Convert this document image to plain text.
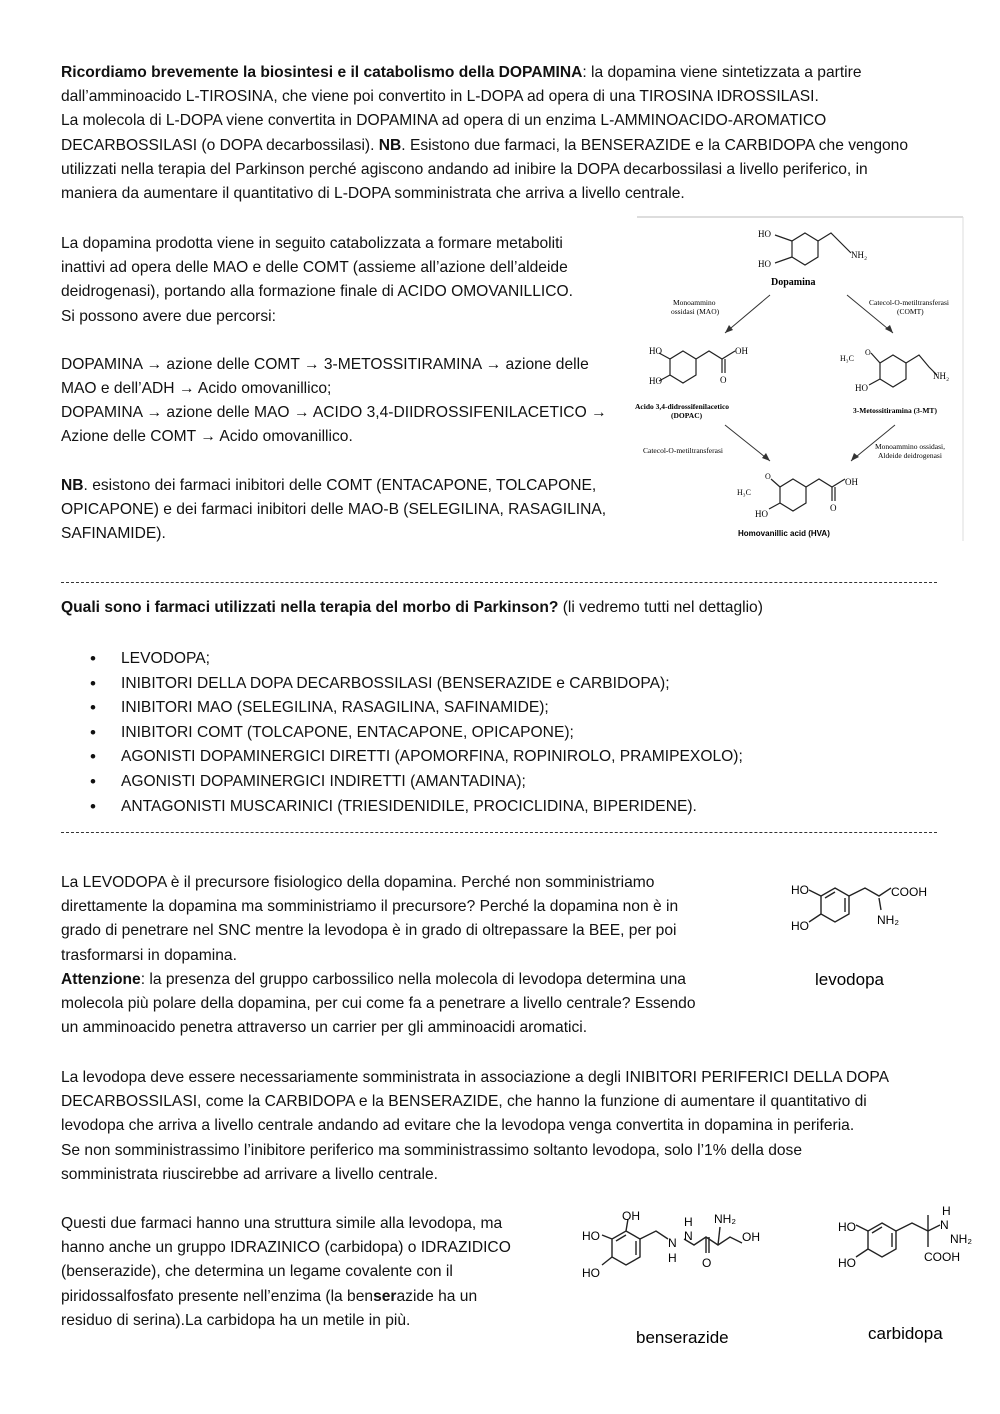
Ricordiamo brevemente la biosintesi e il catabolismo della DOPAMINA: la dopamina viene sintetizzata a partire

dall’amminoacido L-TIROSINA, che viene poi convertito in L-DOPA ad opera di una TIROSINA IDROSSILASI.

La molecola di L-DOPA viene convertita in DOPAMINA ad opera di un enzima L-AMMINOACIDO-AROMATICO

DECARBOSSILASI (o DOPA decarbossilasi). NB. Esistono due farmaci, la BENSERAZIDE e la CARBIDOPA che vengono

utilizzati nella terapia del Parkinson perché agiscono andando ad inibire la DOPA decarbossilasi a livello periferico, in

maniera da aumentare il quantitativo di L-DOPA somministrata che arriva a livello centrale.

La dopamina prodotta viene in seguito catabolizzata a formare metaboliti

inattivi ad opera delle MAO e delle COMT (assieme all’azione dell’aldeide

deidrogenasi), portando alla formazione finale di ACIDO OMOVANILLICO.

Si possono avere due percorsi:

DOPAMINA → azione delle COMT → 3-METOSSITIRAMINA → azione delle

MAO e dell’ADH → Acido omovanillico;

DOPAMINA → azione delle MAO → ACIDO 3,4-DIIDROSSIFENILACETICO →

Azione delle COMT → Acido omovanillico.

NB. esistono dei farmaci inibitori delle COMT (ENTACAPONE, TOLCAPONE,

OPICAPONE) e dei farmaci inibitori delle MAO-B (SELEGILINA, RASAGILINA,

SAFINAMIDE).

HO
HO
NH₂
Dopamina
Monoammino ossidasi (MAO)
Catecol-O-metiltransferasi (COMT)
HO
HO
OH
O
Acido 3,4-didrossifenilacetico (DOPAC)
H₃C
O
HO
NH₂
3-Metossitiramina (3-MT)
Catecol-O-metiltransferasi	Monoammino ossidasi, Aldeide deidrogenasi
H₃C
O
HO
OH
O
Homovanillic acid (HVA)

Quali sono i farmaci utilizzati nella terapia del morbo di Parkinson? (li vedremo tutti nel dettaglio)

• LEVODOPA;
• INIBITORI DELLA DOPA DECARBOSSILASI (BENSERAZIDE e CARBIDOPA);
• INIBITORI MAO (SELEGILINA, RASAGILINA, SAFINAMIDE);
• INIBITORI COMT (TOLCAPONE, ENTACAPONE, OPICAPONE);
• AGONISTI DOPAMINERGICI DIRETTI (APOMORFINA, ROPINIROLO, PRAMIPEXOLO);
• AGONISTI DOPAMINERGICI INDIRETTI (AMANTADINA);
• ANTAGONISTI MUSCARINICI (TRIESIDENIDILE, PROCICLIDINA, BIPERIDENE).

La LEVODOPA è il precursore fisiologico della dopamina. Perché non somministriamo

direttamente la dopamina ma somministriamo il precursore? Perché la dopamina non è in

grado di penetrare nel SNC mentre la levodopa è in grado di oltrepassare la BEE, per poi

trasformarsi in dopamina.

Attenzione: la presenza del gruppo carbossilico nella molecola di levodopa determina una

molecola più polare della dopamina, per cui come fa a penetrare a livello centrale? Essendo

un amminoacido penetra attraverso un carrier per gli amminoacidi aromatici.

HO
HO
COOH
NH₂
levodopa

La levodopa deve essere necessariamente somministrata in associazione a degli INIBITORI PERIFERICI DELLA DOPA

DECARBOSSILASI, come la CARBIDOPA e la BENSERAZIDE, che hanno la funzione di aumentare il quantitativo di

levodopa che arriva a livello centrale andando ad evitare che la levodopa venga convertita in dopamina in periferia.

Se non somministrassimo l’inibitore periferico ma somministrassimo soltanto levodopa, solo l’1% della dose

somministrata riuscirebbe ad arrivare a livello centrale.

Questi due farmaci hanno una struttura simile alla levodopa, ma

hanno anche un gruppo IDRAZINICO (carbidopa) o IDRAZIDICO

(benserazide), che determina un legame covalente con il

piridossalfosfato presente nell’enzima (la benserazide ha un

residuo di serina).La carbidopa ha un metile in più.

OH
HO
HO
H
N
N
H O
NH₂
OH
benserazide
HO
HO
H
N
NH₂
COOH
carbidopa
